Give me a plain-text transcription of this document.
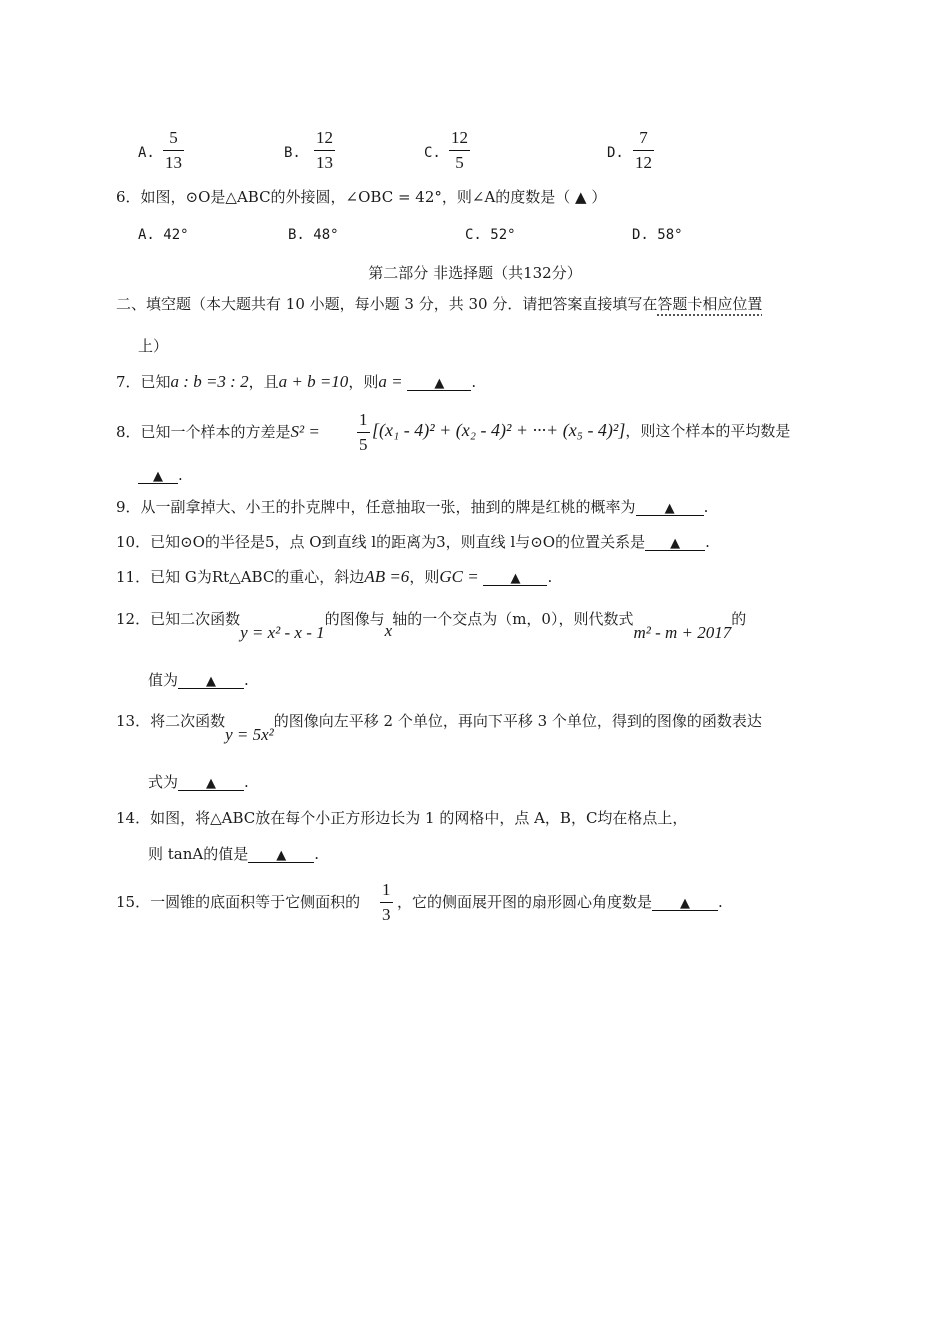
A.
5
13	B.
12
13	C.
12
5	D.
7
12
6．如图，⊙O是△ABC的外接圆，∠OBC = 42°，则∠A的度数是（ ▲ ）
A. 42°	B. 48°	C. 52°	D. 58°
第二部分 非选择题（共132分）
二、填空题（本大题共有 10 小题，每小题 3 分，共 30 分．请把答案直接填写在答题卡相应位置
上）
7．已知a : b =3 : 2，且a + b =10，则a = ▲ .
8．已知一个样本的方差是S² =
1
5
[(x₁ - 4)² + (x₂ - 4)² + ···+ (x₅ - 4)²]，则这个样本的平均数是
▲ .
9．从一副拿掉大、小王的扑克牌中，任意抽取一张，抽到的牌是红桃的概率为 ▲ .
10．已知⊙O的半径是5，点 O到直线 l的距离为3，则直线 l与⊙O的位置关系是 ▲ .
11．已知 G为Rt△ABC的重心，斜边AB =6，则GC = ▲ .
12．已知二次函数y = x² - x - 1的图像与x轴的一个交点为（m，0），则代数式m² - m + 2017的
值为 ▲ .
13．将二次函数y = 5x²的图像向左平移 2 个单位，再向下平移 3 个单位，得到的图像的函数表达
式为 ▲ .
14．如图，将△ABC放在每个小正方形边长为 1 的网格中，点 A，B，C均在格点上，
则 tanA的值是 ▲ .
15．一圆锥的底面积等于它侧面积的
1
3
，它的侧面展开图的扇形圆心角度数是 ▲ .
